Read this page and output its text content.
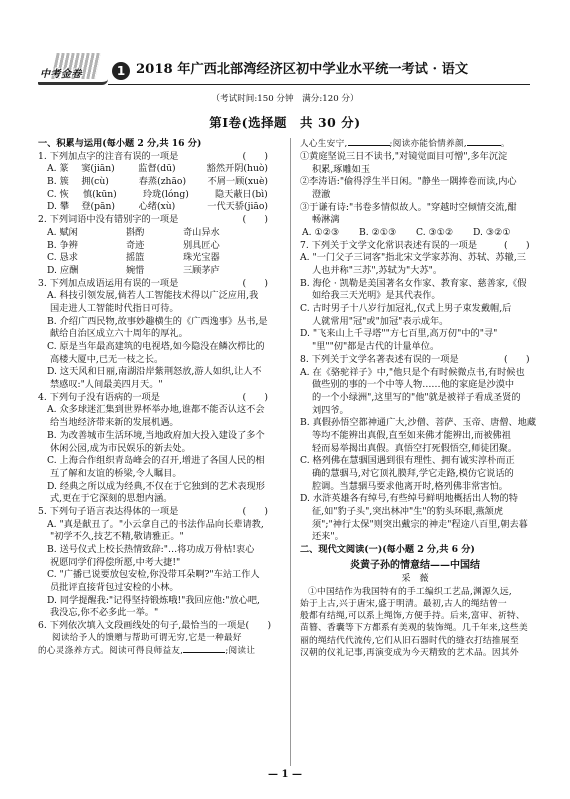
中考金卷	1 2018 年广西北部湾经济区初中学业水平统一考试 · 语文
（考试时间:150 分钟　满分:120 分）
第Ⅰ卷(选择题　共 30 分)
一、积累与运用(每小题 2 分,共 16 分)
1. 下列加点字的注音有误的一项是	(　　)
A. 篆	窦(jiān)	监督(dū)	豁然开阴(huò)
B. 簇	拥(cù)	春蒸(zhāo)	不屑一顾(xuè)
C. 恢	慎(kūn)	玲珑(lóng)	隐天蔽日(bì)
D. 攀	登(pān)	心绪(xù)	一代天骄(jiāo)
2. 下列词语中没有错别字的一项是	(　　)
A. 赋闲	斟酌	奇山异水
B. 争辨	奇迹	别具匠心
C. 恳求	摇篮	珠光宝器
D. 应酬	婉惜	三顾茅庐
3. 下列加点成语运用有误的一项是	(　　)
A. 科技引领发展,倘若人工智能技术得以广泛应用,我
国走进人工智能时代指日可待。
B. 介绍广西民物,故事妙趣横生的《广西逸事》丛书,是
献给自治区成立六十周年的厚礼。
C. 原是当年最高建筑的电视塔,如今隐没在鳞次栉比的
高楼大厦中,已无一枝之长。
D. 这天风和日丽,南湖沿岸紫荆怒放,游人如织,让人不
禁感叹:"人间最美四月天。"
4. 下列句子没有语病的一项是	(　　)
A. 众多球迷汇集到世界杯举办地,谁都不能否认这不会
给当地经济带来新的发展机遇。
B. 为改善城市生活环境,当地政府加大投入建设了多个
休闲公园,成为市民娱乐的新去处。
C. 上海合作组织青岛峰会的召开,增进了各国人民的相
互了解和友谊的桥梁,令人瞩目。
D. 经典之所以成为经典,不仅在于它独到的艺术表现形
式,更在于它深刻的思想内涵。
5. 下列句子语言表达得体的一项是	(　　)
A. "真是献丑了。"小云拿自己的书法作品向长辈请教,
"初学不久,技艺不精,敬请雅正。"
B. 送号仪式上校长热情致辞:"…将功成万骨枯!衷心
祝愿同学们得偿所愿,中考大捷!"
C. "广播已说要放包安检,你没带耳朵啊?"车站工作人
员批评直接背包过安检的小林。
D. 同学提醒我:"记得坚持锻炼哦!"我回应他:"放心吧,
我没忘,你不必多此一举。"
6. 下列依次填入文段画线处的句子,最恰当的一项是 (　　)
阅读给予人的馈赠与帮助可谓无穷,它是一种最好
的心灵涤养方式。阅读可得良师益友,	;阅读让
人心生安宁,	;阅读亦能恰情养颜,	。
①黄庭坚说三日不读书,"对镜觉面目可憎",多年沉淀
积累,琢雕如玉
②李涛语:"偷得浮生半日闲。"静坐一隅捧卷而读,内心
澄澈
③于谦有诗:"书卷多情似故人。"穿越时空倾情交流,酣
畅淋漓
A. ①②③	B. ②①③	C. ③①②	D. ③②①
7. 下列关于文学文化常识表述有误的一项是	(　　)
A. "一门父子三词客"指北宋文学家苏洵、苏轼、苏辙,三
人也并称"三苏",苏轼为"大苏"。
B. 海伦 · 凯勒是美国著名女作家、教育家、慈善家,《假
如给我三天光明》是其代表作。
C. 古时男子十八岁行加冠礼,仅式上男子束发戴帽,后
人就常用"冠"或"加冠"表示成年。
D. "飞来山上千寻塔""方七百里,高万仞"中的"寻"
"里""仞"都是古代的计量单位。
8. 下列关于文学名著表述有误的一项是	(　　)
A. 在《骆驼祥子》中,"他只是个有时候微点书,有时候也
做些别的事的一个中等人物……他的家庭是沙漠中
的一个小绿洲",这里写的"他"就是被祥子看成圣贤的
刘四爷。
B. 真假孙悟空都神通广大,沙僧、菩萨、玉帝、唐僧、地藏
等均不能辨出真假,直至如来佛才能辨出,而被佛祖
轻而易举揭出真假。真悟空打死假悟空,师徒团聚。
C. 格列佛在慧骃国遇到很有理性、拥有诚实淳朴而正
确的慧骃马,对它顶礼膜拜,学它走路,模仿它说话的
腔调。当慧骃马要求他离开时,格列佛非常害怕。
D. 水浒英雄各有绰号,有些绰号鲜明地概括出人物的特
征,如"豹子头",突出林冲"生"的豹头环眼,燕颔虎
须";"神行太保"则突出戴宗的神走"程途八百里,朝去暮
还来"。
二、现代文阅读(一)(每小题 2 分,共 6 分)
炎黄子孙的情意结——中国结
采　薇
①中国结作为我国特有的手工编织工艺品,渊源久远,
始于上古,兴于唐宋,盛于明清。最初,古人的绳结曾一
般都有结绳,可以系上绳饰,方便手持。后来,富审、祈特、
苗簪、香囊等下方都系有美观的装饰绳。几千年来,这些美
丽的绳结代代流传,它们从旧石器时代的缝衣打结推展至
汉朝的仪礼记事,再演变成为今天精致的艺术品。因其外
— 1 —
